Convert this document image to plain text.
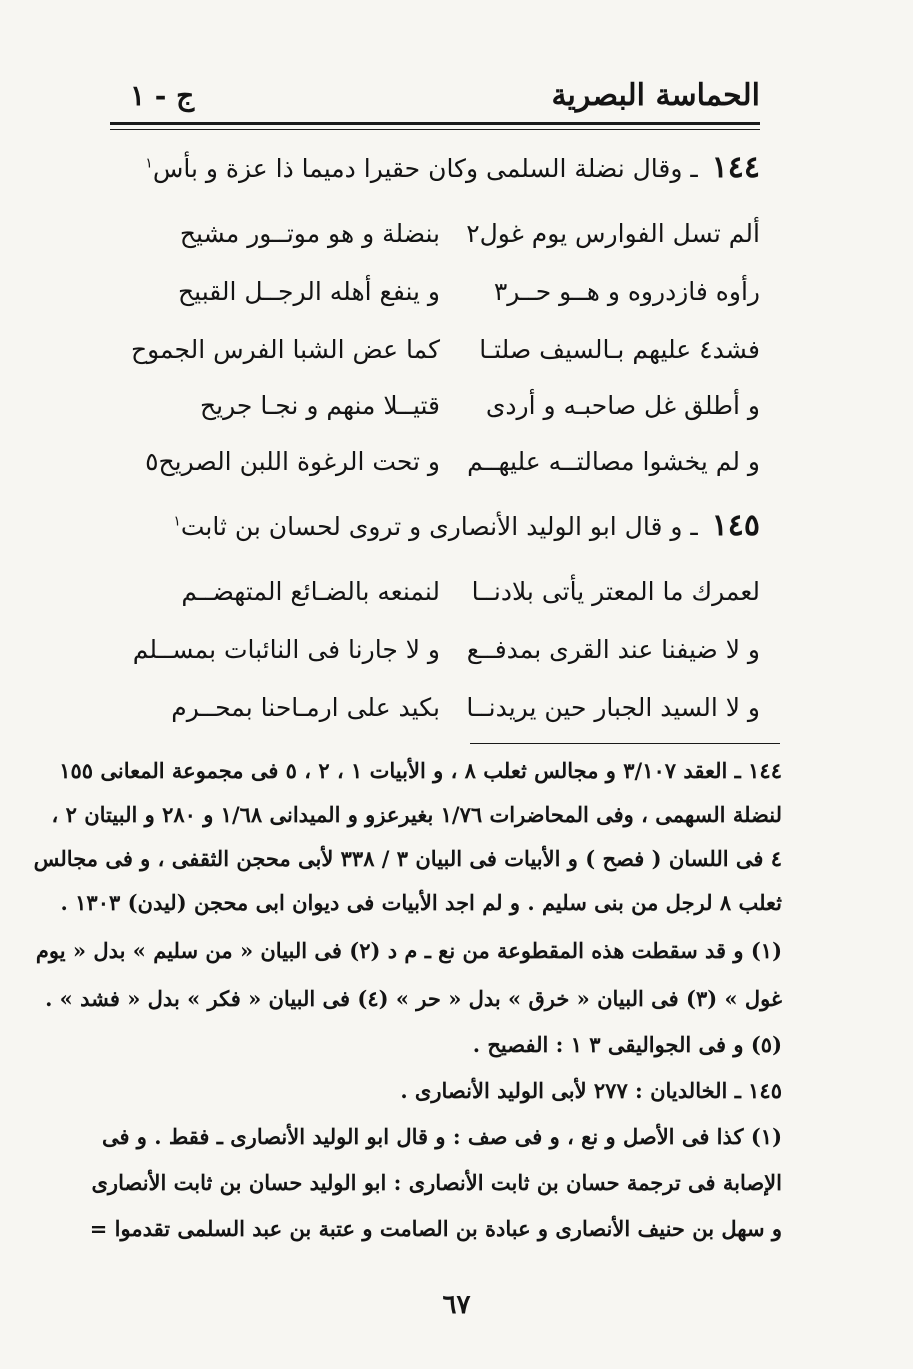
الحماسة البصرية
ج - ١
١٤٤ ـ وقال نضلة السلمى وكان حقيرا دميما ذا عزة و بأس$^١$
ألم تسل الفوارس يوم غول٢
بنضلة و هو موتــور مشيح
رأوه فازدروه و هــو حــر٣
و ينفع أهله الرجــل القبيح
فشد٤ عليهم بـالسيف صلتـا
كما عض الشبا الفرس الجموح
و أطلق غل صاحبـه و أردى
قتيــلا منهم و نجـا جريح
و لم يخشوا مصالتــه عليهــم
و تحت الرغوة اللبن الصريح٥
١٤٥ ـ و قال ابو الوليد الأنصارى و تروى لحسان بن ثابت$^١$
لعمرك ما المعتر يأتى بلادنــا
لنمنعه بالضـائع المتهضــم
و لا ضيفنا عند القرى بمدفــع
و لا جارنا فى النائبات بمســلم
و لا السيد الجبار حين يريدنــا
بكيد على ارمـاحنا بمحــرم
١٤٤ ـ العقد ٣/١٠٧ و مجالس ثعلب ٨ ، و الأبيات ١ ، ٢ ، ٥ فى مجموعة المعانى ١٥٥
لنضلة السهمى ، وفى المحاضرات ١/٧٦ بغيرعزو و الميدانى ١/٦٨ و ٢٨٠ و البيتان ٢ ،
٤ فى اللسان ( فصح ) و الأبيات فى البيان ٣ / ٣٣٨ لأبى محجن الثقفى ، و فى مجالس
ثعلب ٨ لرجل من بنى سليم . و لم اجد الأبيات فى ديوان ابى محجن (ليدن) ١٣٠٣ .
(١) و قد سقطت هذه المقطوعة من نع ـ م د (٢) فى البيان « من سليم » بدل « يوم
غول » (٣) فى البيان « خرق » بدل « حر » (٤) فى البيان « فكر » بدل « فشد » .
(٥) و فى الجواليقى ٣ ١ : الفصيح .
١٤٥ ـ الخالديان : ٢٧٧ لأبى الوليد الأنصارى .
(١) كذا فى الأصل و نع ، و فى صف : و قال ابو الوليد الأنصارى ـ فقط . و فى
الإصابة فى ترجمة حسان بن ثابت الأنصارى : ابو الوليد حسان بن ثابت الأنصارى
و سهل بن حنيف الأنصارى و عبادة بن الصامت و عتبة بن عبد السلمى تقدموا =
٦٧
